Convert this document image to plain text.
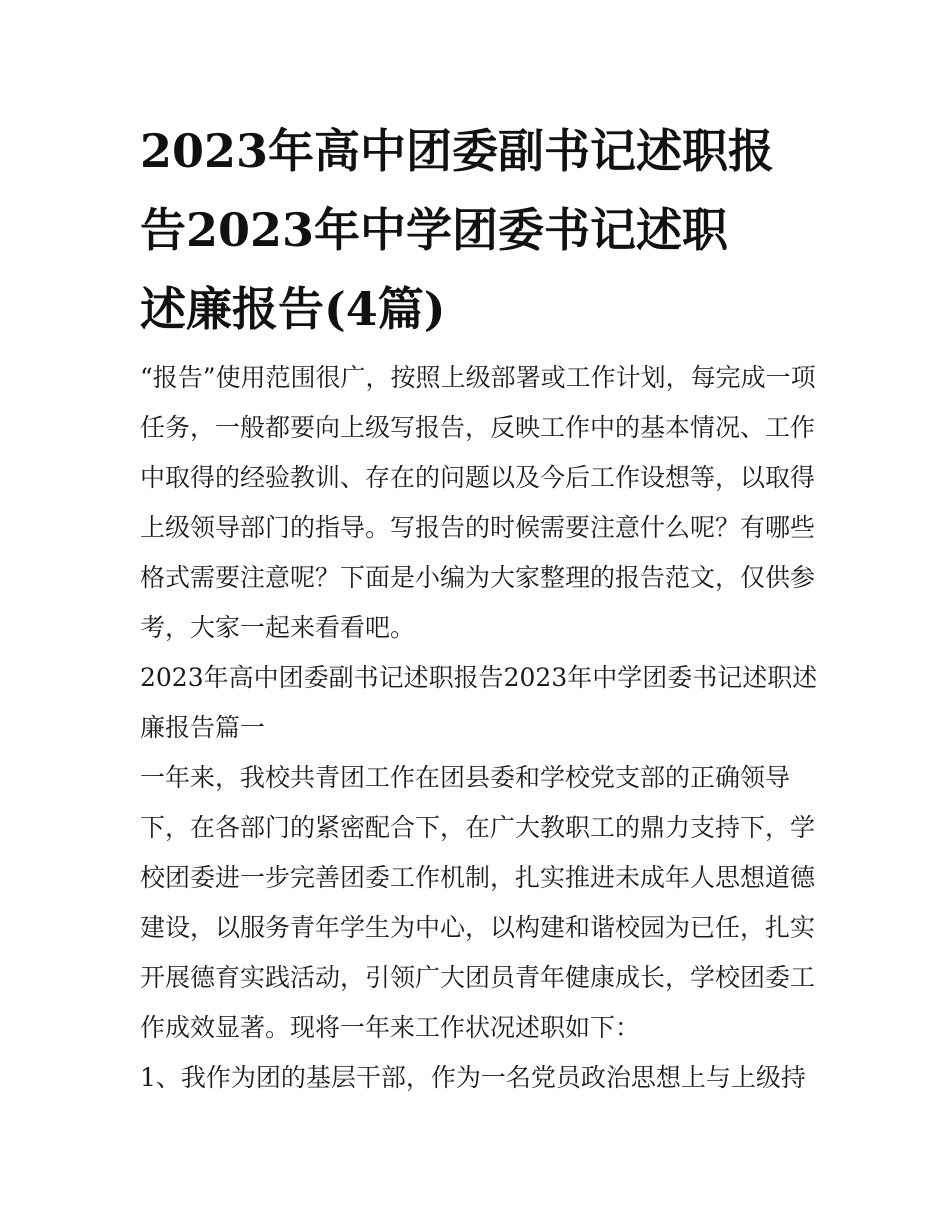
2023年高中团委副书记述职报
告2023年中学团委书记述职
述廉报告(4篇)
“报告”使用范围很广，按照上级部署或工作计划，每完成一项
任务，一般都要向上级写报告，反映工作中的基本情况、工作
中取得的经验教训、存在的问题以及今后工作设想等，以取得
上级领导部门的指导。写报告的时候需要注意什么呢？有哪些
格式需要注意呢？下面是小编为大家整理的报告范文，仅供参
考，大家一起来看看吧。
2023年高中团委副书记述职报告2023年中学团委书记述职述
廉报告篇一
一年来，我校共青团工作在团县委和学校党支部的正确领导
下，在各部门的紧密配合下，在广大教职工的鼎力支持下，学
校团委进一步完善团委工作机制，扎实推进未成年人思想道德
建设，以服务青年学生为中心，以构建和谐校园为已任，扎实
开展德育实践活动，引领广大团员青年健康成长，学校团委工
作成效显著。现将一年来工作状况述职如下：
1、我作为团的基层干部，作为一名党员政治思想上与上级持
